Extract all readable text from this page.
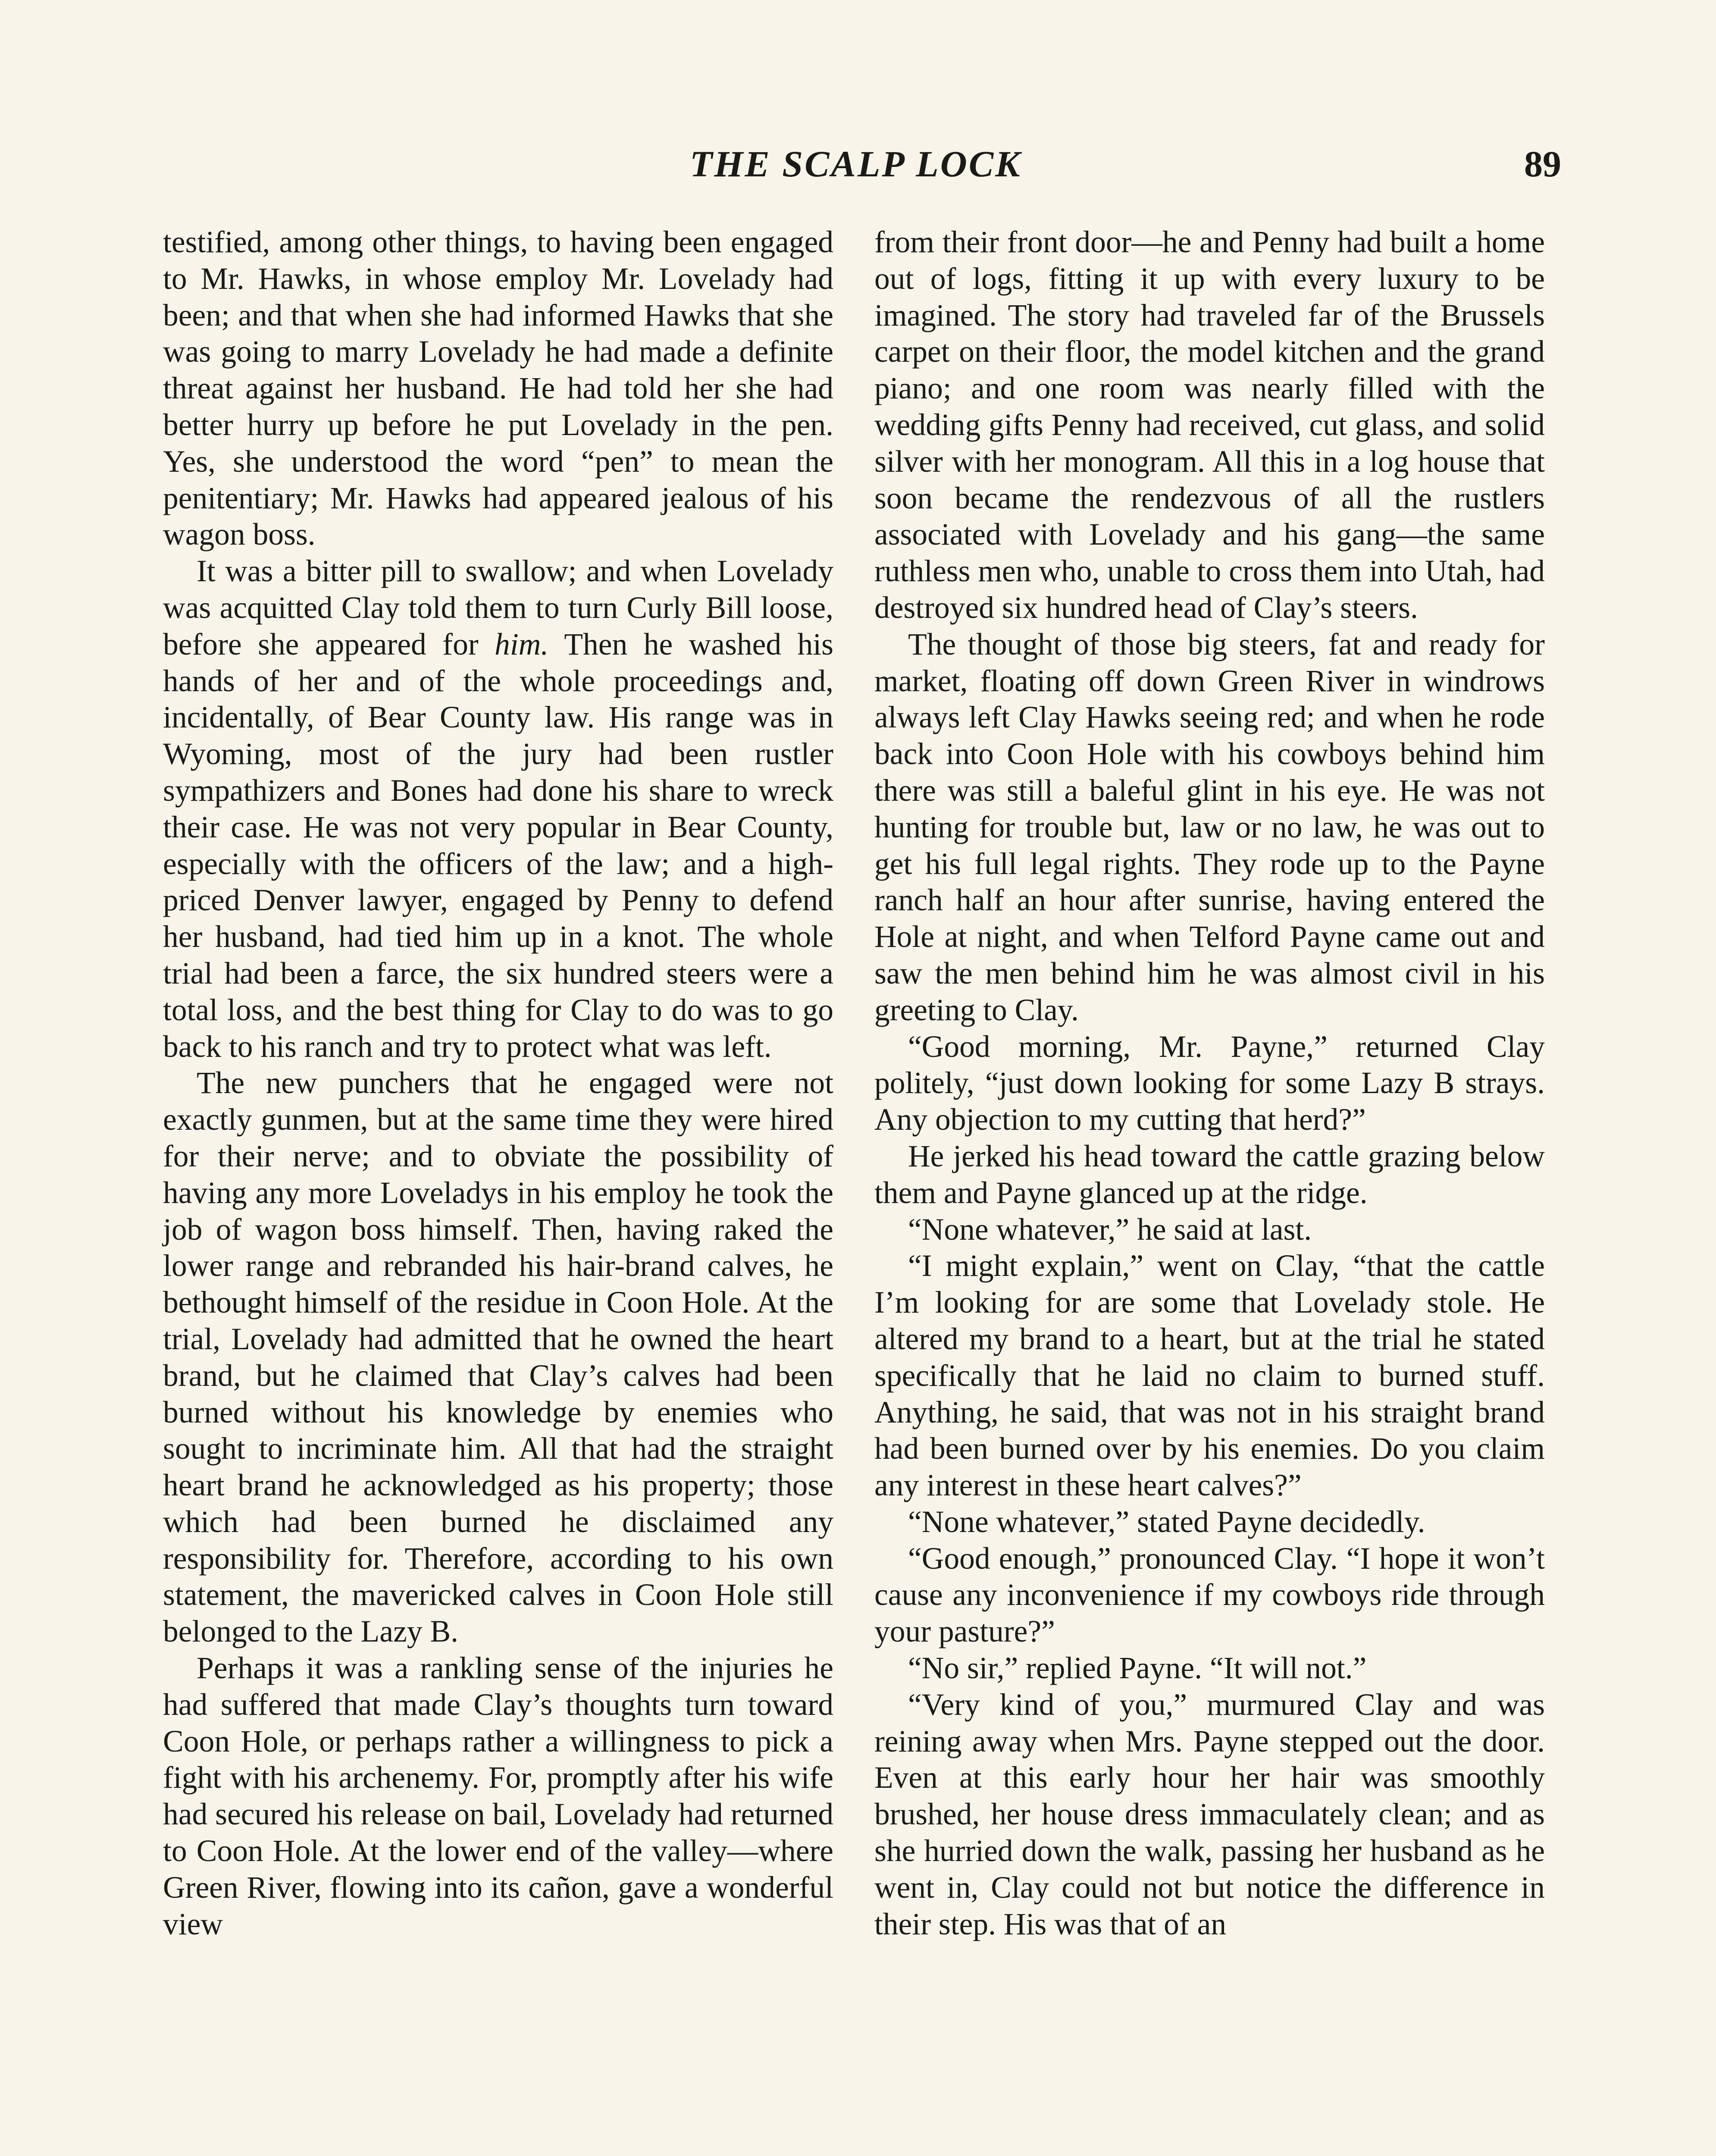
THE SCALP LOCK	89

testified, among other things, to having been engaged to Mr. Hawks, in whose employ Mr. Lovelady had been; and that when she had informed Hawks that she was going to marry Lovelady he had made a definite threat against her husband. He had told her she had better hurry up before he put Lovelady in the pen. Yes, she understood the word “pen” to mean the penitentiary; Mr. Hawks had appeared jealous of his wagon boss.

It was a bitter pill to swallow; and when Lovelady was acquitted Clay told them to turn Curly Bill loose, before she appeared for him. Then he washed his hands of her and of the whole proceedings and, incidentally, of Bear County law. His range was in Wyoming, most of the jury had been rustler sympathizers and Bones had done his share to wreck their case. He was not very popular in Bear County, especially with the officers of the law; and a high-priced Denver lawyer, engaged by Penny to defend her husband, had tied him up in a knot. The whole trial had been a farce, the six hundred steers were a total loss, and the best thing for Clay to do was to go back to his ranch and try to protect what was left.

The new punchers that he engaged were not exactly gunmen, but at the same time they were hired for their nerve; and to obviate the possibility of having any more Loveladys in his employ he took the job of wagon boss himself. Then, having raked the lower range and rebranded his hair-brand calves, he bethought himself of the residue in Coon Hole. At the trial, Lovelady had admitted that he owned the heart brand, but he claimed that Clay’s calves had been burned without his knowledge by enemies who sought to incriminate him. All that had the straight heart brand he acknowledged as his property; those which had been burned he disclaimed any responsibility for. Therefore, according to his own statement, the mavericked calves in Coon Hole still belonged to the Lazy B.

Perhaps it was a rankling sense of the injuries he had suffered that made Clay’s thoughts turn toward Coon Hole, or perhaps rather a willingness to pick a fight with his archenemy. For, promptly after his wife had secured his release on bail, Lovelady had returned to Coon Hole. At the lower end of the valley—where Green River, flowing into its cañon, gave a wonderful view

from their front door—he and Penny had built a home out of logs, fitting it up with every luxury to be imagined. The story had traveled far of the Brussels carpet on their floor, the model kitchen and the grand piano; and one room was nearly filled with the wedding gifts Penny had received, cut glass, and solid silver with her monogram. All this in a log house that soon became the rendezvous of all the rustlers associated with Lovelady and his gang—the same ruthless men who, unable to cross them into Utah, had destroyed six hundred head of Clay’s steers.

The thought of those big steers, fat and ready for market, floating off down Green River in windrows always left Clay Hawks seeing red; and when he rode back into Coon Hole with his cowboys behind him there was still a baleful glint in his eye. He was not hunting for trouble but, law or no law, he was out to get his full legal rights. They rode up to the Payne ranch half an hour after sunrise, having entered the Hole at night, and when Telford Payne came out and saw the men behind him he was almost civil in his greeting to Clay.

“Good morning, Mr. Payne,” returned Clay politely, “just down looking for some Lazy B strays. Any objection to my cutting that herd?”

He jerked his head toward the cattle grazing below them and Payne glanced up at the ridge.

“None whatever,” he said at last.

“I might explain,” went on Clay, “that the cattle I’m looking for are some that Lovelady stole. He altered my brand to a heart, but at the trial he stated specifically that he laid no claim to burned stuff. Anything, he said, that was not in his straight brand had been burned over by his enemies. Do you claim any interest in these heart calves?”

“None whatever,” stated Payne decidedly.

“Good enough,” pronounced Clay. “I hope it won’t cause any inconvenience if my cowboys ride through your pasture?”

“No sir,” replied Payne. “It will not.”

“Very kind of you,” murmured Clay and was reining away when Mrs. Payne stepped out the door. Even at this early hour her hair was smoothly brushed, her house dress immaculately clean; and as she hurried down the walk, passing her husband as he went in, Clay could not but notice the difference in their step. His was that of an
